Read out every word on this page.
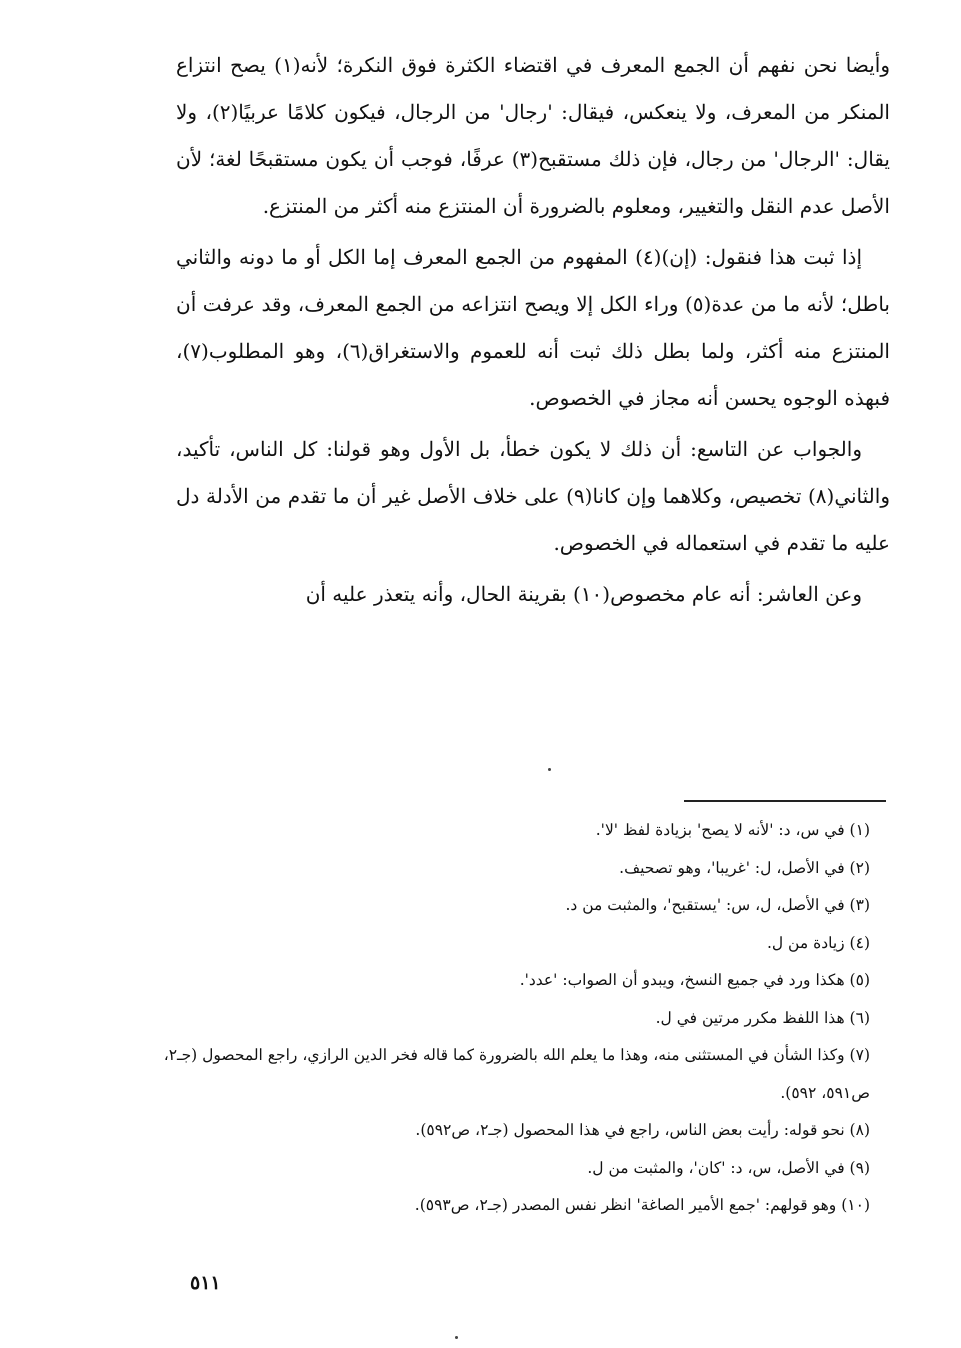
وأيضا نحن نفهم أن الجمع المعرف في اقتضاء الكثرة فوق النكرة؛ لأنه(١) يصح انتزاع المنكر من المعرف، ولا ينعكس، فيقال: 'رجال' من الرجال، فيكون كلامًا عربيًا(٢)، ولا يقال: 'الرجال' من رجال، فإن ذلك مستقبح(٣) عرفًا، فوجب أن يكون مستقبحًا لغة؛ لأن الأصل عدم النقل والتغيير، ومعلوم بالضرورة أن المنتزع منه أكثر من المنتزع.

إذا ثبت هذا فنقول: (إن)(٤) المفهوم من الجمع المعرف إما الكل أو ما دونه والثاني باطل؛ لأنه ما من عدة(٥) وراء الكل إلا ويصح انتزاعه من الجمع المعرف، وقد عرفت أن المنتزع منه أكثر، ولما بطل ذلك ثبت أنه للعموم والاستغراق(٦)، وهو المطلوب(٧)، فبهذه الوجوه يحسن أنه مجاز في الخصوص.

والجواب عن التاسع: أن ذلك لا يكون خطأ، بل الأول وهو قولنا: كل الناس، تأكيد، والثاني(٨) تخصيص، وكلاهما وإن كانا(٩) على خلاف الأصل غير أن ما تقدم من الأدلة دل عليه ما تقدم في استعماله في الخصوص.

وعن العاشر: أنه عام مخصوص(١٠) بقرينة الحال، وأنه يتعذر عليه أن

(١) في س، د: 'لأنه لا يصح' بزيادة لفظ 'لا'.

(٢) في الأصل، ل: 'غريبا'، وهو تصحيف.

(٣) في الأصل، ل، س: 'يستقبح'، والمثبت من د.

(٤) زيادة من ل.

(٥) هكذا ورد في جميع النسخ، ويبدو أن الصواب: 'عدد'.

(٦) هذا اللفظ مكرر مرتين في ل.

(٧) وكذا الشأن في المستثنى منه، وهذا ما يعلم الله بالضرورة كما قاله فخر الدين الرازي، راجع المحصول (جـ٢، ص٥٩١، ٥٩٢).

(٨) نحو قوله: رأيت بعض الناس، راجع في هذا المحصول (جـ٢، ص٥٩٢).

(٩) في الأصل، س، د: 'كان'، والمثبت من ل.

(١٠) وهو قولهم: 'جمع الأمير الصاغة' انظر نفس المصدر (جـ٢، ص٥٩٣).

٥١١
